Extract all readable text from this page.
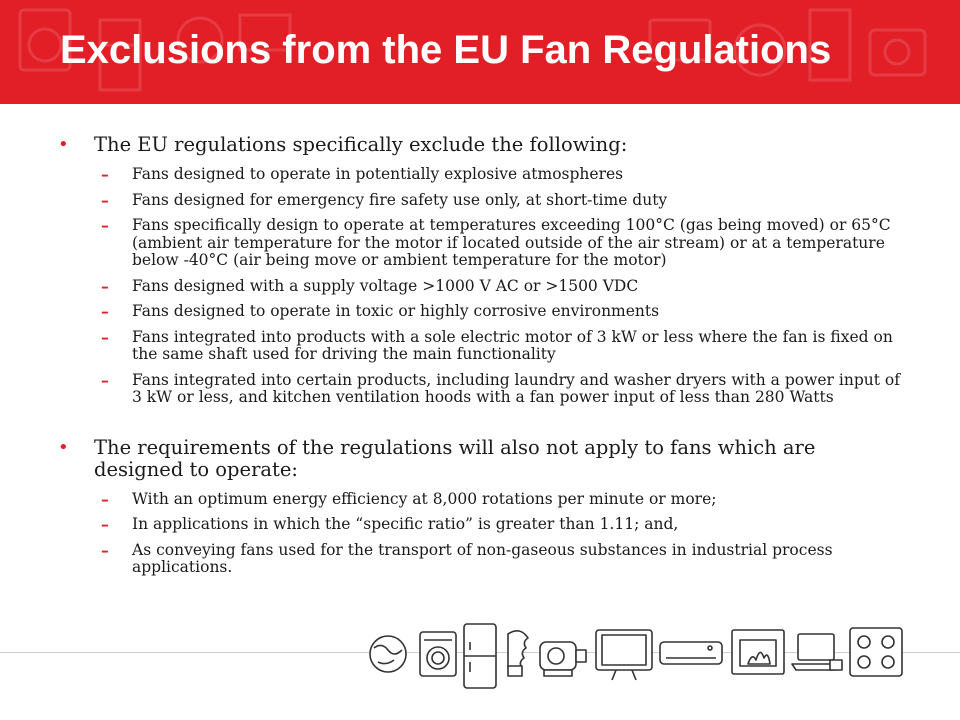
Exclusions from the EU Fan Regulations
• The EU regulations specifically exclude the following:
– Fans designed to operate in potentially explosive atmospheres
– Fans designed for emergency fire safety use only, at short-time duty
– Fans specifically design to operate at temperatures exceeding 100°C (gas being moved) or 65°C (ambient air temperature for the motor if located outside of the air stream) or at a temperature below -40°C (air being move or ambient temperature for the motor)
– Fans designed with a supply voltage >1000 V AC or >1500 VDC
– Fans designed to operate in toxic or highly corrosive environments
– Fans integrated into products with a sole electric motor of 3 kW or less where the fan is fixed on the same shaft used for driving the main functionality
– Fans integrated into certain products, including laundry and washer dryers with a power input of 3 kW or less, and kitchen ventilation hoods with a fan power input of less than 280 Watts
• The requirements of the regulations will also not apply to fans which are designed to operate:
– With an optimum energy efficiency at 8,000 rotations per minute or more;
– In applications in which the “specific ratio” is greater than 1.11; and,
– As conveying fans used for the transport of non-gaseous substances in industrial process applications.
